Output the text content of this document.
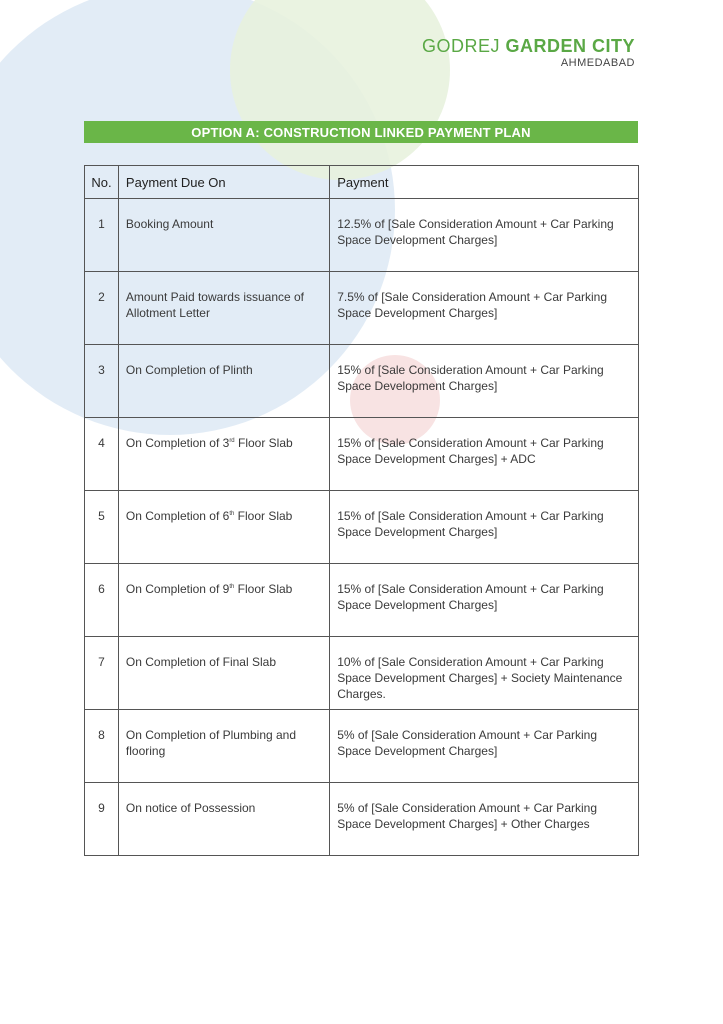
GODREJ GARDEN CITY
AHMEDABAD
OPTION A: CONSTRUCTION LINKED PAYMENT PLAN
No.	Payment Due On	Payment

1	Booking Amount	12.5% of [Sale Consideration Amount + Car Parking Space Development Charges]

2	Amount Paid towards issuance of Allotment Letter	7.5% of [Sale Consideration Amount + Car Parking Space Development Charges]

3	On Completion of Plinth	15% of [Sale Consideration Amount + Car Parking Space Development Charges]

4	On Completion of 3rd Floor Slab	15% of [Sale Consideration Amount + Car Parking Space Development Charges] + ADC

5	On Completion of 6th Floor Slab	15% of [Sale Consideration Amount + Car Parking Space Development Charges]

6	On Completion of 9th Floor Slab	15% of [Sale Consideration Amount + Car Parking Space Development Charges]

7	On Completion of Final Slab	10% of [Sale Consideration Amount + Car Parking Space Development Charges] + Society Maintenance Charges.

8	On Completion of Plumbing and flooring	5% of [Sale Consideration Amount + Car Parking Space Development Charges]

9	On notice of Possession	5% of [Sale Consideration Amount + Car Parking Space Development Charges] + Other Charges
